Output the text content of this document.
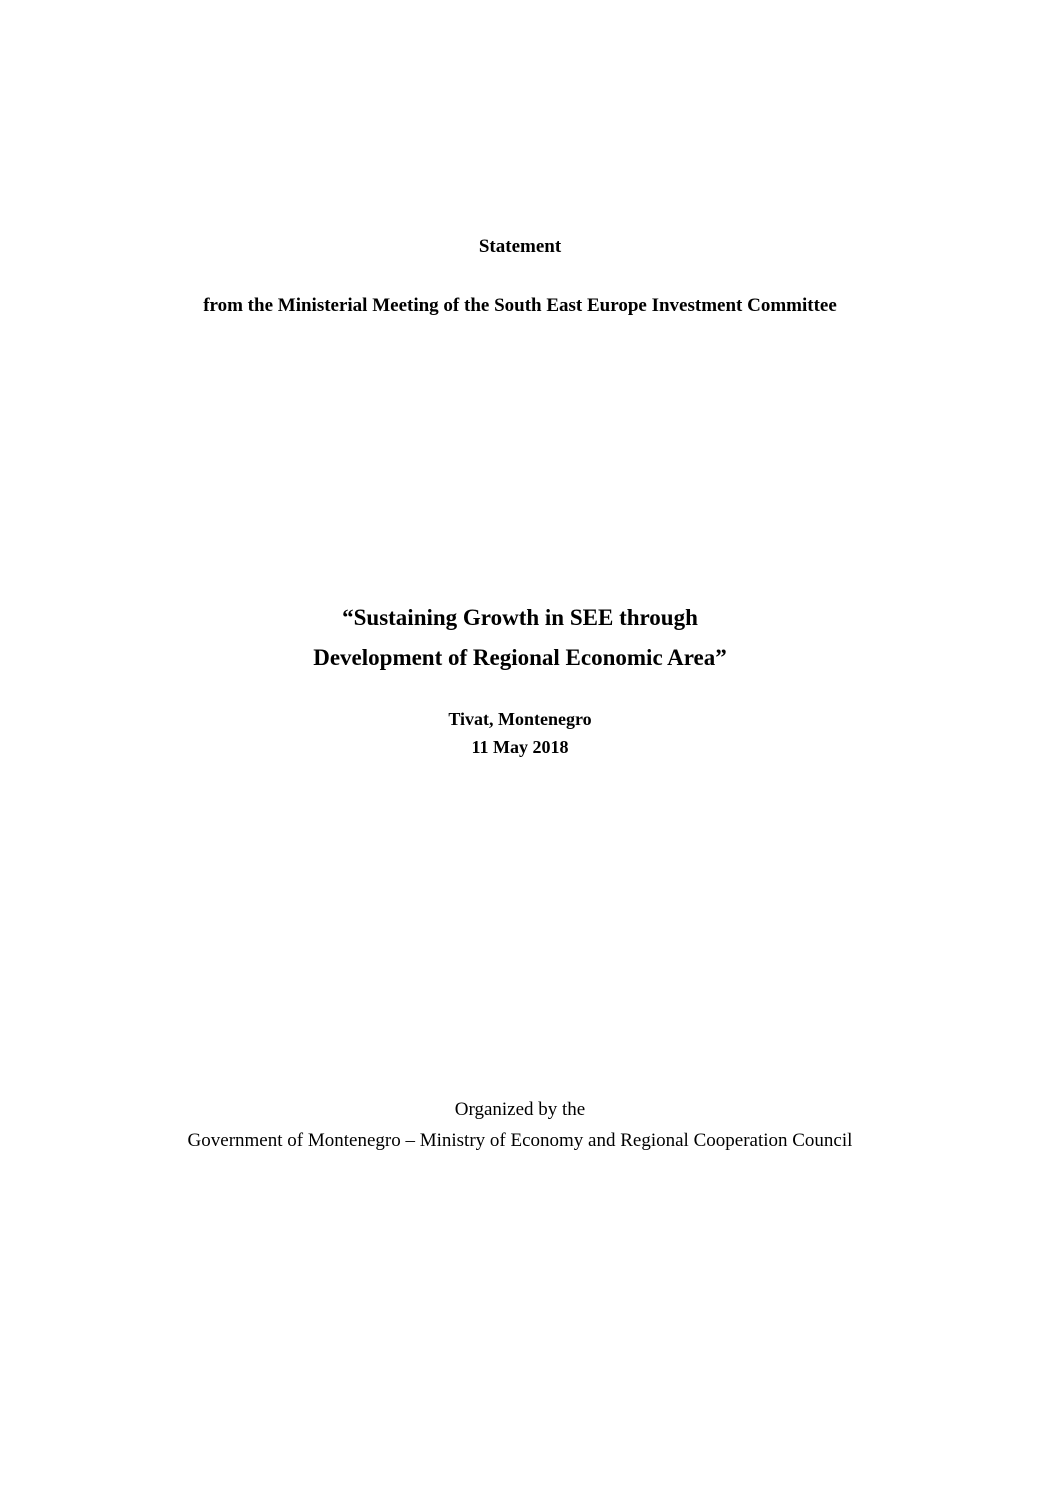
Statement
from the Ministerial Meeting of the South East Europe Investment Committee
“Sustaining Growth in SEE through
Development of Regional Economic Area”
Tivat, Montenegro
11 May 2018
Organized by the
Government of Montenegro – Ministry of Economy and Regional Cooperation Council
